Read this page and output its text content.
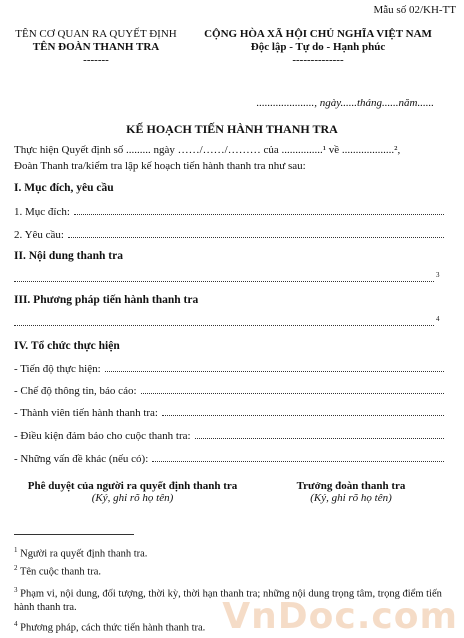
Mẫu số 02/KH-TT
TÊN CƠ QUAN RA QUYẾT ĐỊNH
TÊN ĐOÀN THANH TRA
-------
CỘNG HÒA XÃ HỘI CHỦ NGHĨA VIỆT NAM
Độc lập - Tự do - Hạnh phúc
--------------
....................., ngày......tháng......năm......
KẾ HOẠCH TIẾN HÀNH THANH TRA
Thực hiện Quyết định số ......... ngày ……/……/……… của ...............¹ về ...................²,
Đoàn Thanh tra/kiểm tra lập kế hoạch tiến hành thanh tra như sau:
I. Mục đích, yêu cầu
1. Mục đích:
2. Yêu cầu:
II. Nội dung thanh tra
3
III. Phương pháp tiến hành thanh tra
4
IV. Tổ chức thực hiện
- Tiến độ thực hiện:
- Chế độ thông tin, báo cáo:
- Thành viên tiến hành thanh tra:
- Điều kiện đảm bảo cho cuộc thanh tra:
- Những vấn đề khác (nếu có):
Phê duyệt của người ra quyết định thanh tra
(Ký, ghi rõ họ tên)
Trưởng đoàn thanh tra
(Ký, ghi rõ họ tên)
$^1$ Người ra quyết định thanh tra.
$^2$ Tên cuộc thanh tra.
$^3$ Phạm vi, nội dung, đối tượng, thời kỳ, thời hạn thanh tra; những nội dung trọng tâm, trọng điểm tiến hành thanh tra.
$^4$ Phương pháp, cách thức tiến hành thanh tra. VnDoc.com
